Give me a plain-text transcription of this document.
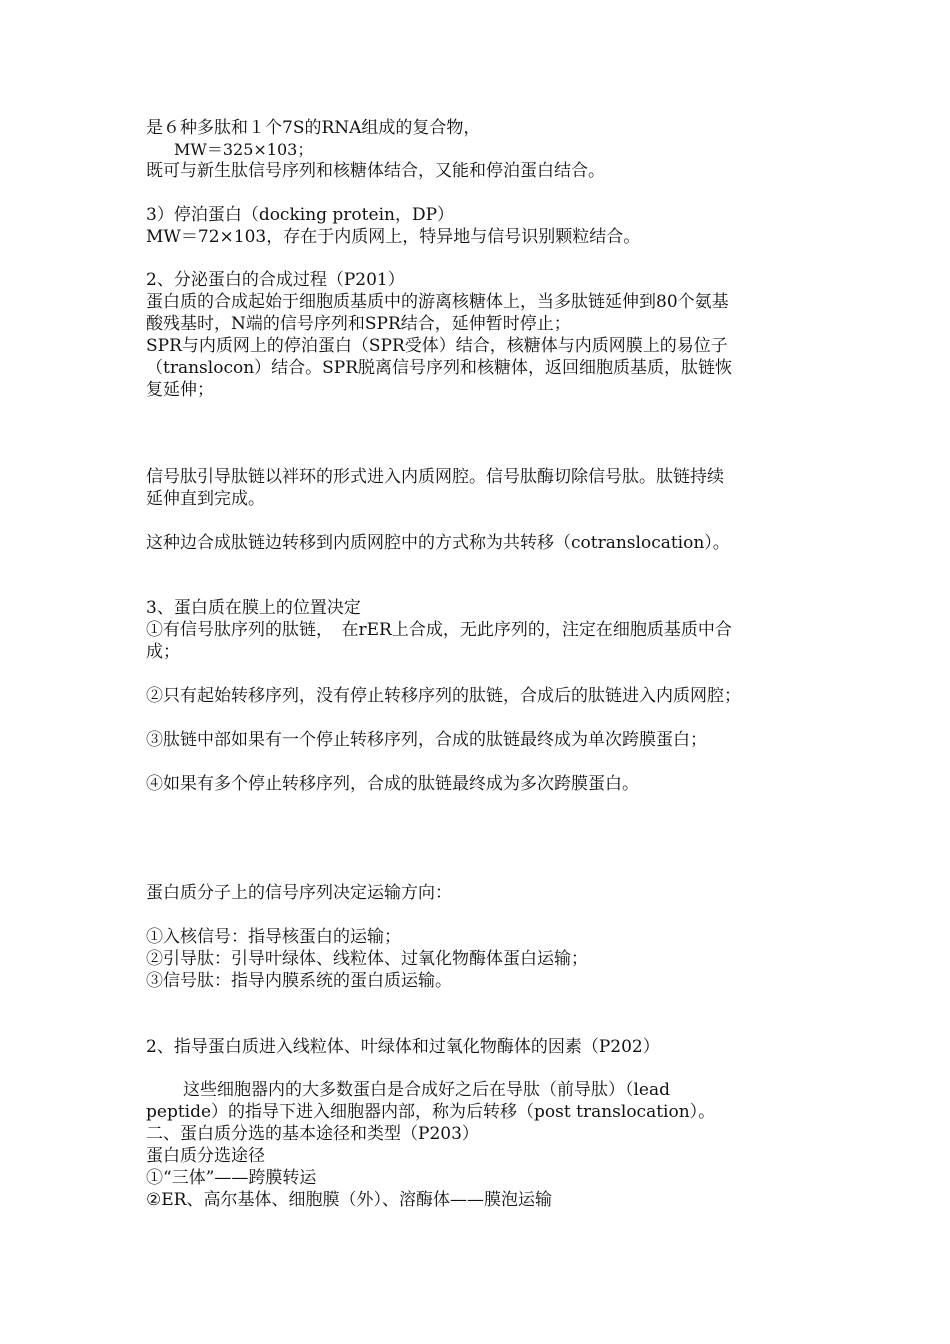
是６种多肽和１个7S的RNA组成的复合物，

MW＝325×103；

既可与新生肽信号序列和核糖体结合，又能和停泊蛋白结合。

3）停泊蛋白（docking protein，DP）

MW＝72×103，存在于内质网上，特异地与信号识别颗粒结合。

2、分泌蛋白的合成过程（P201）

蛋白质的合成起始于细胞质基质中的游离核糖体上，当多肽链延伸到80个氨基

酸残基时，N端的信号序列和SPR结合，延伸暂时停止；

SPR与内质网上的停泊蛋白（SPR受体）结合，核糖体与内质网膜上的易位子

（translocon）结合。SPR脱离信号序列和核糖体，返回细胞质基质，肽链恢

复延伸；

信号肽引导肽链以袢环的形式进入内质网腔。信号肽酶切除信号肽。肽链持续

延伸直到完成。

这种边合成肽链边转移到内质网腔中的方式称为共转移（cotranslocation）。

3、蛋白质在膜上的位置决定

①有信号肽序列的肽链，　在rER上合成，无此序列的，注定在细胞质基质中合

成；

②只有起始转移序列，没有停止转移序列的肽链，合成后的肽链进入内质网腔；

③肽链中部如果有一个停止转移序列，合成的肽链最终成为单次跨膜蛋白；

④如果有多个停止转移序列，合成的肽链最终成为多次跨膜蛋白。

蛋白质分子上的信号序列决定运输方向：

①入核信号：指导核蛋白的运输；

②引导肽：引导叶绿体、线粒体、过氧化物酶体蛋白运输；

③信号肽：指导内膜系统的蛋白质运输。

2、指导蛋白质进入线粒体、叶绿体和过氧化物酶体的因素（P202）

这些细胞器内的大多数蛋白是合成好之后在导肽（前导肽）（lead

peptide）的指导下进入细胞器内部，称为后转移（post translocation）。

二、蛋白质分选的基本途径和类型（P203）

蛋白质分选途径

①“三体”——跨膜转运

②ER、高尔基体、细胞膜（外）、溶酶体——膜泡运输
